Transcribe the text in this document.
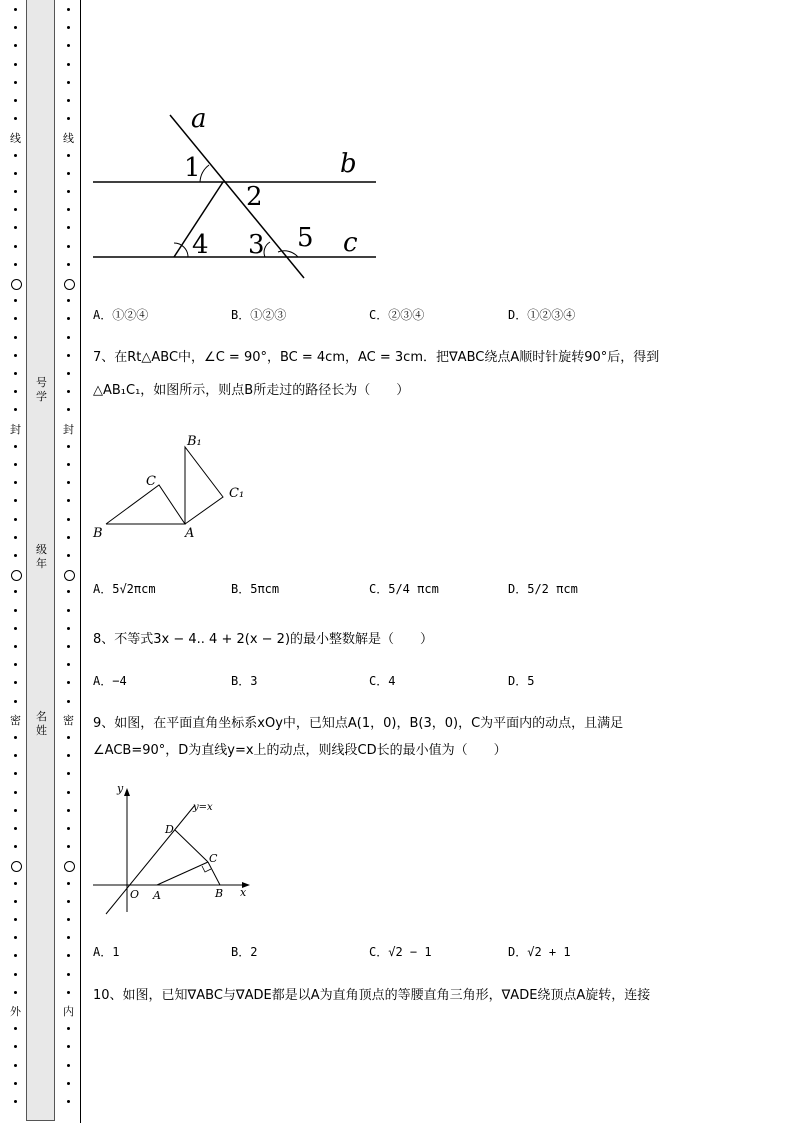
号
学
级
年
名
姓
线
封
密
外
线
封
密
内
a
b
c
1
2
3
4	5
A．①②④	B．①②③	C．②③④	D．①②③④
7、在Rt△ABC中，∠C = 90°，BC = 4cm，AC = 3cm．把∇ABC绕点A顺时针旋转90°后，得到
△AB₁C₁，如图所示，则点B所走过的路径长为（　　）
B₁
C
C₁
B	A
A．5√2πcm	B．5πcm	C．5/4 πcm	D．5/2 πcm
8、不等式3x − 4.. 4 + 2(x − 2)的最小整数解是（　　）
A．−4	B．3	C．4	D．5
9、如图，在平面直角坐标系xOy中，已知点A(1，0)，B(3，0)，C为平面内的动点，且满足
∠ACB=90°，D为直线y=x上的动点，则线段CD长的最小值为（　　）
y
y=x
D
C
O A	B x
A．1	B．2	C．√2 − 1	D．√2 + 1
10、如图，已知∇ABC与∇ADE都是以A为直角顶点的等腰直角三角形，∇ADE绕顶点A旋转，连接
